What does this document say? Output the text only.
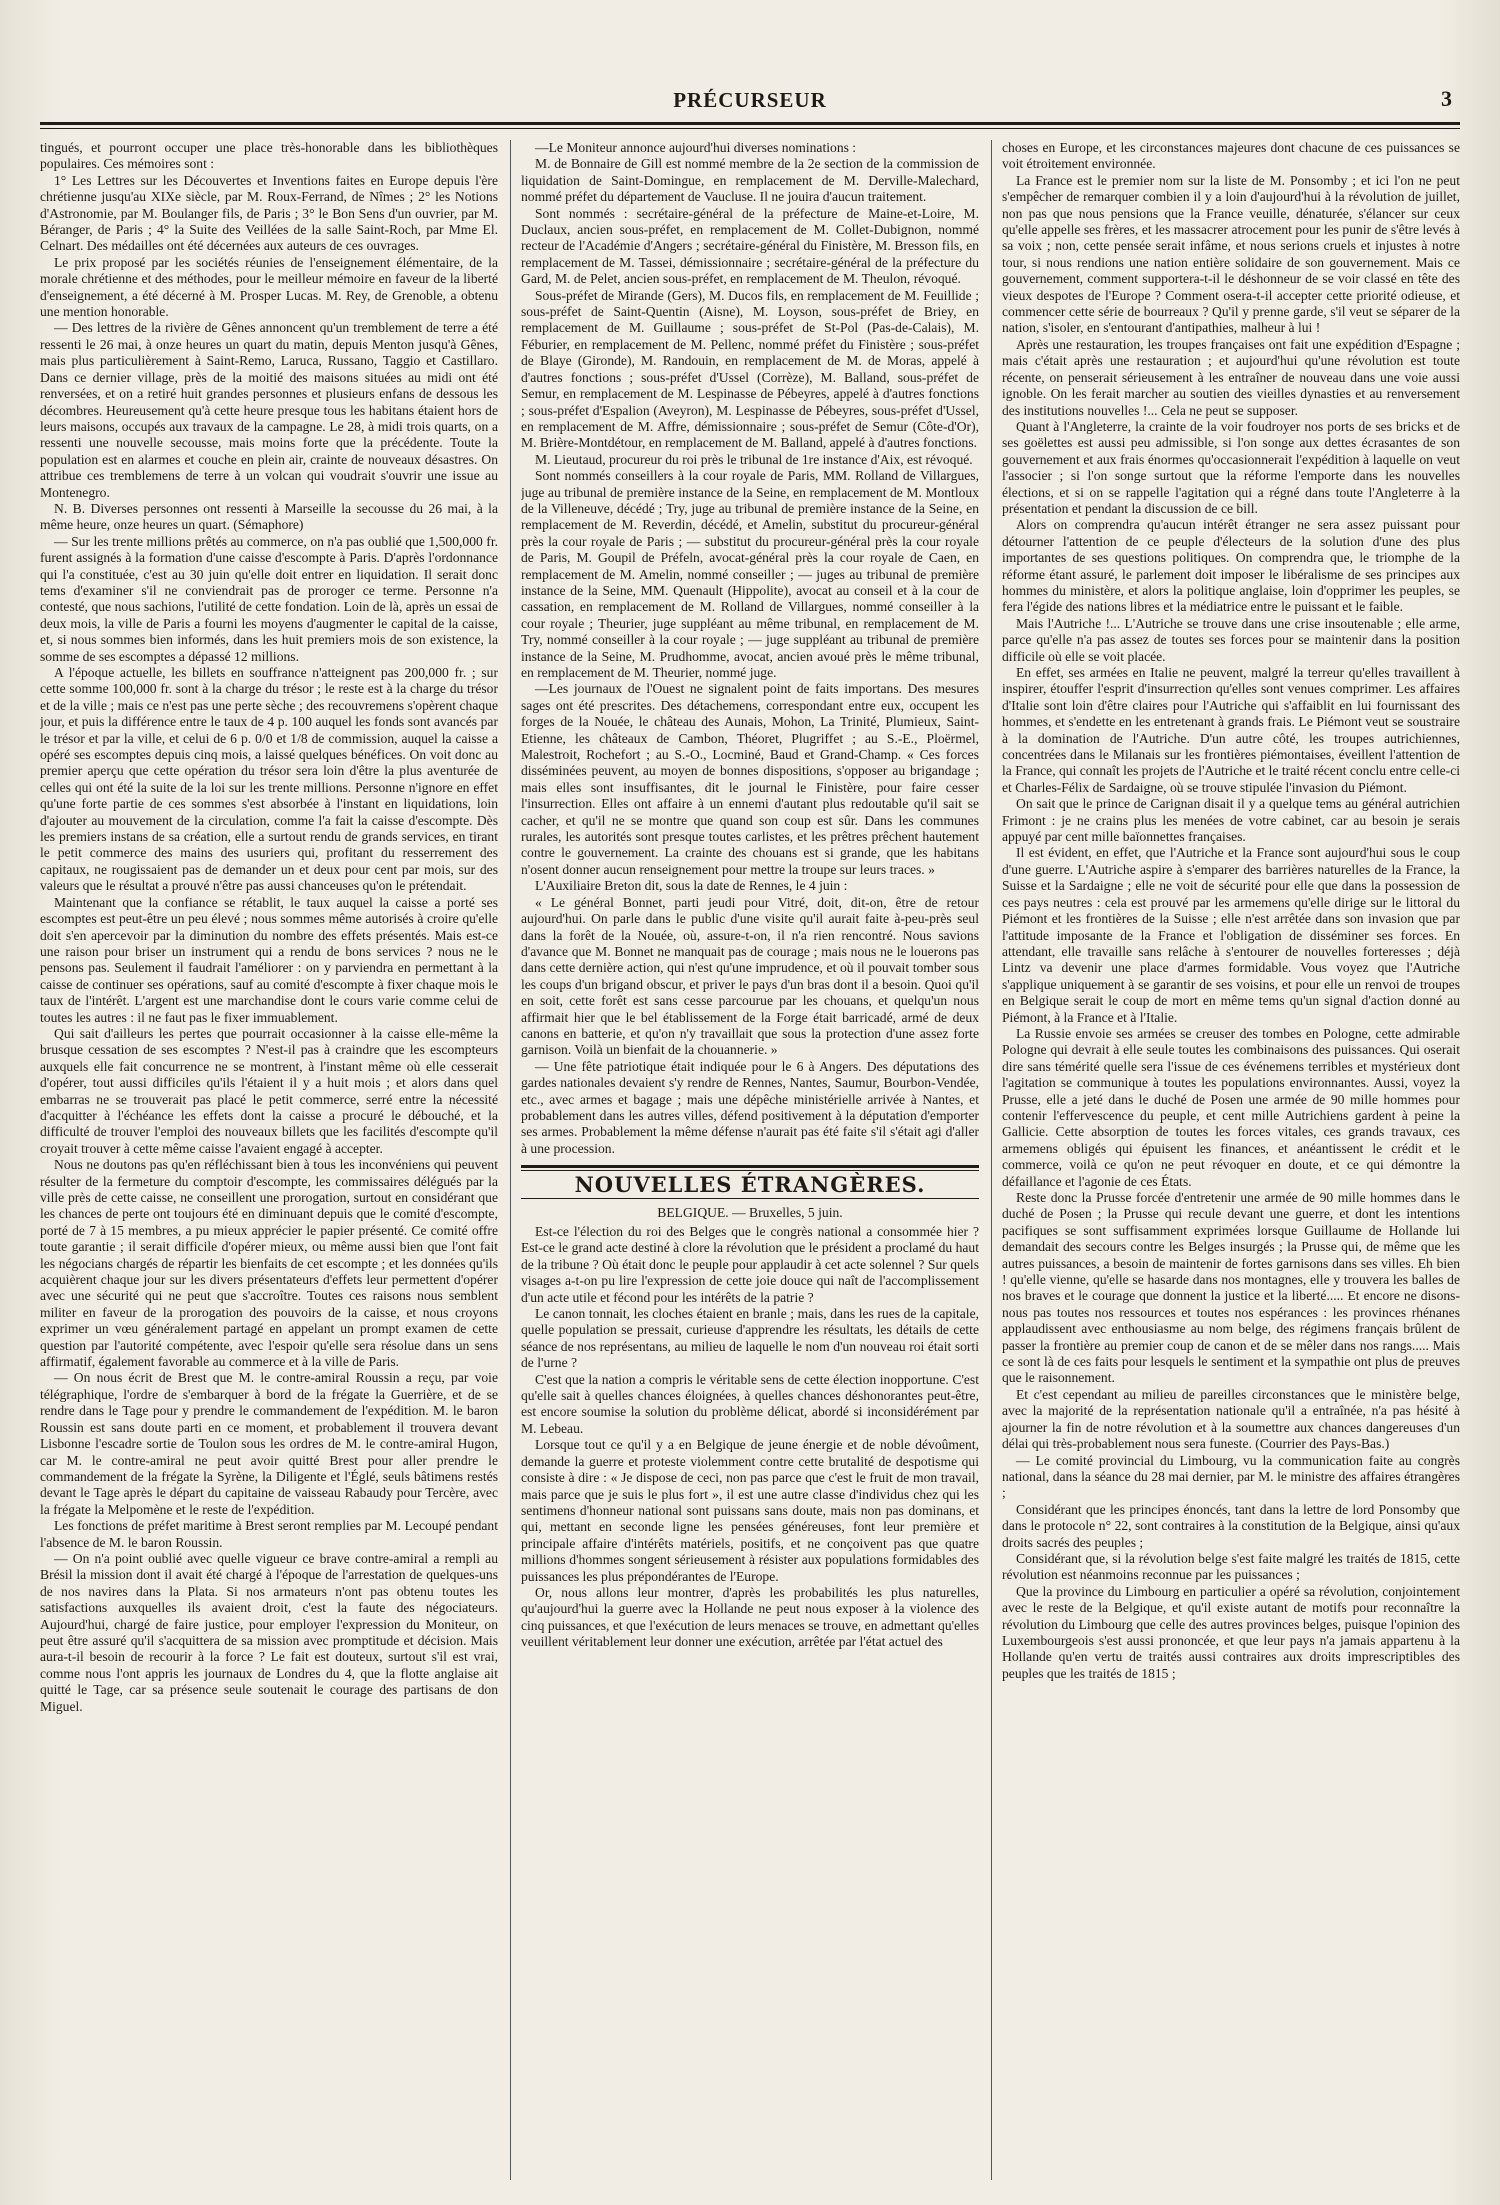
PRÉCURSEUR	3

tingués, et pourront occuper une place très-honorable dans les bibliothèques populaires. Ces mémoires sont :

1° Les Lettres sur les Découvertes et Inventions faites en Europe depuis l'ère chrétienne jusqu'au XIXe siècle, par M. Roux-Ferrand, de Nîmes ; 2° les Notions d'Astronomie, par M. Boulanger fils, de Paris ; 3° le Bon Sens d'un ouvrier, par M. Béranger, de Paris ; 4° la Suite des Veillées de la salle Saint-Roch, par Mme El. Celnart. Des médailles ont été décernées aux auteurs de ces ouvrages.

Le prix proposé par les sociétés réunies de l'enseignement élémentaire, de la morale chrétienne et des méthodes, pour le meilleur mémoire en faveur de la liberté d'enseignement, a été décerné à M. Prosper Lucas. M. Rey, de Grenoble, a obtenu une mention honorable.

— Des lettres de la rivière de Gênes annoncent qu'un tremblement de terre a été ressenti le 26 mai, à onze heures un quart du matin, depuis Menton jusqu'à Gênes, mais plus particulièrement à Saint-Remo, Laruca, Russano, Taggio et Castillaro. Dans ce dernier village, près de la moitié des maisons situées au midi ont été renversées, et on a retiré huit grandes personnes et plusieurs enfans de dessous les décombres. Heureusement qu'à cette heure presque tous les habitans étaient hors de leurs maisons, occupés aux travaux de la campagne. Le 28, à midi trois quarts, on a ressenti une nouvelle secousse, mais moins forte que la précédente. Toute la population est en alarmes et couche en plein air, crainte de nouveaux désastres. On attribue ces tremblemens de terre à un volcan qui voudrait s'ouvrir une issue au Montenegro.

N. B. Diverses personnes ont ressenti à Marseille la secousse du 26 mai, à la même heure, onze heures un quart. (Sémaphore)

— Sur les trente millions prêtés au commerce, on n'a pas oublié que 1,500,000 fr. furent assignés à la formation d'une caisse d'escompte à Paris. D'après l'ordonnance qui l'a constituée, c'est au 30 juin qu'elle doit entrer en liquidation. Il serait donc tems d'examiner s'il ne conviendrait pas de proroger ce terme. Personne n'a contesté, que nous sachions, l'utilité de cette fondation. Loin de là, après un essai de deux mois, la ville de Paris a fourni les moyens d'augmenter le capital de la caisse, et, si nous sommes bien informés, dans les huit premiers mois de son existence, la somme de ses escomptes a dépassé 12 millions.

A l'époque actuelle, les billets en souffrance n'atteignent pas 200,000 fr. ; sur cette somme 100,000 fr. sont à la charge du trésor ; le reste est à la charge du trésor et de la ville ; mais ce n'est pas une perte sèche ; des recouvremens s'opèrent chaque jour, et puis la différence entre le taux de 4 p. 100 auquel les fonds sont avancés par le trésor et par la ville, et celui de 6 p. 0/0 et 1/8 de commission, auquel la caisse a opéré ses escomptes depuis cinq mois, a laissé quelques bénéfices. On voit donc au premier aperçu que cette opération du trésor sera loin d'être la plus aventurée de celles qui ont été la suite de la loi sur les trente millions. Personne n'ignore en effet qu'une forte partie de ces sommes s'est absorbée à l'instant en liquidations, loin d'ajouter au mouvement de la circulation, comme l'a fait la caisse d'escompte. Dès les premiers instans de sa création, elle a surtout rendu de grands services, en tirant le petit commerce des mains des usuriers qui, profitant du resserrement des capitaux, ne rougissaient pas de demander un et deux pour cent par mois, sur des valeurs que le résultat a prouvé n'être pas aussi chanceuses qu'on le prétendait.

Maintenant que la confiance se rétablit, le taux auquel la caisse a porté ses escomptes est peut-être un peu élevé ; nous sommes même autorisés à croire qu'elle doit s'en apercevoir par la diminution du nombre des effets présentés. Mais est-ce une raison pour briser un instrument qui a rendu de bons services ? nous ne le pensons pas. Seulement il faudrait l'améliorer : on y parviendra en permettant à la caisse de continuer ses opérations, sauf au comité d'escompte à fixer chaque mois le taux de l'intérêt. L'argent est une marchandise dont le cours varie comme celui de toutes les autres : il ne faut pas le fixer immuablement.

Qui sait d'ailleurs les pertes que pourrait occasionner à la caisse elle-même la brusque cessation de ses escomptes ? N'est-il pas à craindre que les escompteurs auxquels elle fait concurrence ne se montrent, à l'instant même où elle cesserait d'opérer, tout aussi difficiles qu'ils l'étaient il y a huit mois ; et alors dans quel embarras ne se trouverait pas placé le petit commerce, serré entre la nécessité d'acquitter à l'échéance les effets dont la caisse a procuré le débouché, et la difficulté de trouver l'emploi des nouveaux billets que les facilités d'escompte qu'il croyait trouver à cette même caisse l'avaient engagé à accepter.

Nous ne doutons pas qu'en réfléchissant bien à tous les inconvéniens qui peuvent résulter de la fermeture du comptoir d'escompte, les commissaires délégués par la ville près de cette caisse, ne conseillent une prorogation, surtout en considérant que les chances de perte ont toujours été en diminuant depuis que le comité d'escompte, porté de 7 à 15 membres, a pu mieux apprécier le papier présenté. Ce comité offre toute garantie ; il serait difficile d'opérer mieux, ou même aussi bien que l'ont fait les négocians chargés de répartir les bienfaits de cet escompte ; et les données qu'ils acquièrent chaque jour sur les divers présentateurs d'effets leur permettent d'opérer avec une sécurité qui ne peut que s'accroître. Toutes ces raisons nous semblent militer en faveur de la prorogation des pouvoirs de la caisse, et nous croyons exprimer un vœu généralement partagé en appelant un prompt examen de cette question par l'autorité compétente, avec l'espoir qu'elle sera résolue dans un sens affirmatif, également favorable au commerce et à la ville de Paris.

— On nous écrit de Brest que M. le contre-amiral Roussin a reçu, par voie télégraphique, l'ordre de s'embarquer à bord de la frégate la Guerrière, et de se rendre dans le Tage pour y prendre le commandement de l'expédition. M. le baron Roussin est sans doute parti en ce moment, et probablement il trouvera devant Lisbonne l'escadre sortie de Toulon sous les ordres de M. le contre-amiral Hugon, car M. le contre-amiral ne peut avoir quitté Brest pour aller prendre le commandement de la frégate la Syrène, la Diligente et l'Églé, seuls bâtimens restés devant le Tage après le départ du capitaine de vaisseau Rabaudy pour Tercère, avec la frégate la Melpomène et le reste de l'expédition.

Les fonctions de préfet maritime à Brest seront remplies par M. Lecoupé pendant l'absence de M. le baron Roussin.

— On n'a point oublié avec quelle vigueur ce brave contre-amiral a rempli au Brésil la mission dont il avait été chargé à l'époque de l'arrestation de quelques-uns de nos navires dans la Plata. Si nos armateurs n'ont pas obtenu toutes les satisfactions auxquelles ils avaient droit, c'est la faute des négociateurs. Aujourd'hui, chargé de faire justice, pour employer l'expression du Moniteur, on peut être assuré qu'il s'acquittera de sa mission avec promptitude et décision. Mais aura-t-il besoin de recourir à la force ? Le fait est douteux, surtout s'il est vrai, comme nous l'ont appris les journaux de Londres du 4, que la flotte anglaise ait quitté le Tage, car sa présence seule soutenait le courage des partisans de don Miguel.

—Le Moniteur annonce aujourd'hui diverses nominations :

M. de Bonnaire de Gill est nommé membre de la 2e section de la commission de liquidation de Saint-Domingue, en remplacement de M. Derville-Malechard, nommé préfet du département de Vaucluse. Il ne jouira d'aucun traitement.

Sont nommés : secrétaire-général de la préfecture de Maine-et-Loire, M. Duclaux, ancien sous-préfet, en remplacement de M. Collet-Dubignon, nommé recteur de l'Académie d'Angers ; secrétaire-général du Finistère, M. Bresson fils, en remplacement de M. Tassei, démissionnaire ; secrétaire-général de la préfecture du Gard, M. de Pelet, ancien sous-préfet, en remplacement de M. Theulon, révoqué.

Sous-préfet de Mirande (Gers), M. Ducos fils, en remplacement de M. Feuillide ; sous-préfet de Saint-Quentin (Aisne), M. Loyson, sous-préfet de Briey, en remplacement de M. Guillaume ; sous-préfet de St-Pol (Pas-de-Calais), M. Féburier, en remplacement de M. Pellenc, nommé préfet du Finistère ; sous-préfet de Blaye (Gironde), M. Randouin, en remplacement de M. de Moras, appelé à d'autres fonctions ; sous-préfet d'Ussel (Corrèze), M. Balland, sous-préfet de Semur, en remplacement de M. Lespinasse de Pébeyres, appelé à d'autres fonctions ; sous-préfet d'Espalion (Aveyron), M. Lespinasse de Pébeyres, sous-préfet d'Ussel, en remplacement de M. Affre, démissionnaire ; sous-préfet de Semur (Côte-d'Or), M. Brière-Montdétour, en remplacement de M. Balland, appelé à d'autres fonctions.

M. Lieutaud, procureur du roi près le tribunal de 1re instance d'Aix, est révoqué.

Sont nommés conseillers à la cour royale de Paris, MM. Rolland de Villargues, juge au tribunal de première instance de la Seine, en remplacement de M. Montloux de la Villeneuve, décédé ; Try, juge au tribunal de première instance de la Seine, en remplacement de M. Reverdin, décédé, et Amelin, substitut du procureur-général près la cour royale de Paris ; — substitut du procureur-général près la cour royale de Paris, M. Goupil de Préfeln, avocat-général près la cour royale de Caen, en remplacement de M. Amelin, nommé conseiller ; — juges au tribunal de première instance de la Seine, MM. Quenault (Hippolite), avocat au conseil et à la cour de cassation, en remplacement de M. Rolland de Villargues, nommé conseiller à la cour royale ; Theurier, juge suppléant au même tribunal, en remplacement de M. Try, nommé conseiller à la cour royale ; — juge suppléant au tribunal de première instance de la Seine, M. Prudhomme, avocat, ancien avoué près le même tribunal, en remplacement de M. Theurier, nommé juge.

—Les journaux de l'Ouest ne signalent point de faits importans. Des mesures sages ont été prescrites. Des détachemens, correspondant entre eux, occupent les forges de la Nouée, le château des Aunais, Mohon, La Trinité, Plumieux, Saint-Etienne, les châteaux de Cambon, Théoret, Plugriffet ; au S.-E., Ploërmel, Malestroit, Rochefort ; au S.-O., Locminé, Baud et Grand-Champ. « Ces forces disséminées peuvent, au moyen de bonnes dispositions, s'opposer au brigandage ; mais elles sont insuffisantes, dit le journal le Finistère, pour faire cesser l'insurrection. Elles ont affaire à un ennemi d'autant plus redoutable qu'il sait se cacher, et qu'il ne se montre que quand son coup est sûr. Dans les communes rurales, les autorités sont presque toutes carlistes, et les prêtres prêchent hautement contre le gouvernement. La crainte des chouans est si grande, que les habitans n'osent donner aucun renseignement pour mettre la troupe sur leurs traces. »

L'Auxiliaire Breton dit, sous la date de Rennes, le 4 juin :

« Le général Bonnet, parti jeudi pour Vitré, doit, dit-on, être de retour aujourd'hui. On parle dans le public d'une visite qu'il aurait faite à-peu-près seul dans la forêt de la Nouée, où, assure-t-on, il n'a rien rencontré. Nous savions d'avance que M. Bonnet ne manquait pas de courage ; mais nous ne le louerons pas dans cette dernière action, qui n'est qu'une imprudence, et où il pouvait tomber sous les coups d'un brigand obscur, et priver le pays d'un bras dont il a besoin. Quoi qu'il en soit, cette forêt est sans cesse parcourue par les chouans, et quelqu'un nous affirmait hier que le bel établissement de la Forge était barricadé, armé de deux canons en batterie, et qu'on n'y travaillait que sous la protection d'une assez forte garnison. Voilà un bienfait de la chouannerie. »

— Une fête patriotique était indiquée pour le 6 à Angers. Des députations des gardes nationales devaient s'y rendre de Rennes, Nantes, Saumur, Bourbon-Vendée, etc., avec armes et bagage ; mais une dépêche ministérielle arrivée à Nantes, et probablement dans les autres villes, défend positivement à la députation d'emporter ses armes. Probablement la même défense n'aurait pas été faite s'il s'était agi d'aller à une procession.

NOUVELLES ÉTRANGÈRES.

BELGIQUE. — Bruxelles, 5 juin.

Est-ce l'élection du roi des Belges que le congrès national a consommée hier ? Est-ce le grand acte destiné à clore la révolution que le président a proclamé du haut de la tribune ? Où était donc le peuple pour applaudir à cet acte solennel ? Sur quels visages a-t-on pu lire l'expression de cette joie douce qui naît de l'accomplissement d'un acte utile et fécond pour les intérêts de la patrie ?

Le canon tonnait, les cloches étaient en branle ; mais, dans les rues de la capitale, quelle population se pressait, curieuse d'apprendre les résultats, les détails de cette séance de nos représentans, au milieu de laquelle le nom d'un nouveau roi était sorti de l'urne ?

C'est que la nation a compris le véritable sens de cette élection inopportune. C'est qu'elle sait à quelles chances éloignées, à quelles chances déshonorantes peut-être, est encore soumise la solution du problème délicat, abordé si inconsidérément par M. Lebeau.

Lorsque tout ce qu'il y a en Belgique de jeune énergie et de noble dévoûment, demande la guerre et proteste violemment contre cette brutalité de despotisme qui consiste à dire : « Je dispose de ceci, non pas parce que c'est le fruit de mon travail, mais parce que je suis le plus fort », il est une autre classe d'individus chez qui les sentimens d'honneur national sont puissans sans doute, mais non pas dominans, et qui, mettant en seconde ligne les pensées généreuses, font leur première et principale affaire d'intérêts matériels, positifs, et ne conçoivent pas que quatre millions d'hommes songent sérieusement à résister aux populations formidables des puissances les plus prépondérantes de l'Europe.

Or, nous allons leur montrer, d'après les probabilités les plus naturelles, qu'aujourd'hui la guerre avec la Hollande ne peut nous exposer à la violence des cinq puissances, et que l'exécution de leurs menaces se trouve, en admettant qu'elles veuillent véritablement leur donner une exécution, arrêtée par l'état actuel des

choses en Europe, et les circonstances majeures dont chacune de ces puissances se voit étroitement environnée.

La France est le premier nom sur la liste de M. Ponsomby ; et ici l'on ne peut s'empêcher de remarquer combien il y a loin d'aujourd'hui à la révolution de juillet, non pas que nous pensions que la France veuille, dénaturée, s'élancer sur ceux qu'elle appelle ses frères, et les massacrer atrocement pour les punir de s'être levés à sa voix ; non, cette pensée serait infâme, et nous serions cruels et injustes à notre tour, si nous rendions une nation entière solidaire de son gouvernement. Mais ce gouvernement, comment supportera-t-il le déshonneur de se voir classé en tête des vieux despotes de l'Europe ? Comment osera-t-il accepter cette priorité odieuse, et commencer cette série de bourreaux ? Qu'il y prenne garde, s'il veut se séparer de la nation, s'isoler, en s'entourant d'antipathies, malheur à lui !

Après une restauration, les troupes françaises ont fait une expédition d'Espagne ; mais c'était après une restauration ; et aujourd'hui qu'une révolution est toute récente, on penserait sérieusement à les entraîner de nouveau dans une voie aussi ignoble. On les ferait marcher au soutien des vieilles dynasties et au renversement des institutions nouvelles !... Cela ne peut se supposer.

Quant à l'Angleterre, la crainte de la voir foudroyer nos ports de ses bricks et de ses goëlettes est aussi peu admissible, si l'on songe aux dettes écrasantes de son gouvernement et aux frais énormes qu'occasionnerait l'expédition à laquelle on veut l'associer ; si l'on songe surtout que la réforme l'emporte dans les nouvelles élections, et si on se rappelle l'agitation qui a régné dans toute l'Angleterre à la présentation et pendant la discussion de ce bill.

Alors on comprendra qu'aucun intérêt étranger ne sera assez puissant pour détourner l'attention de ce peuple d'électeurs de la solution d'une des plus importantes de ses questions politiques. On comprendra que, le triomphe de la réforme étant assuré, le parlement doit imposer le libéralisme de ses principes aux hommes du ministère, et alors la politique anglaise, loin d'opprimer les peuples, se fera l'égide des nations libres et la médiatrice entre le puissant et le faible.

Mais l'Autriche !... L'Autriche se trouve dans une crise insoutenable ; elle arme, parce qu'elle n'a pas assez de toutes ses forces pour se maintenir dans la position difficile où elle se voit placée.

En effet, ses armées en Italie ne peuvent, malgré la terreur qu'elles travaillent à inspirer, étouffer l'esprit d'insurrection qu'elles sont venues comprimer. Les affaires d'Italie sont loin d'être claires pour l'Autriche qui s'affaiblit en lui fournissant des hommes, et s'endette en les entretenant à grands frais. Le Piémont veut se soustraire à la domination de l'Autriche. D'un autre côté, les troupes autrichiennes, concentrées dans le Milanais sur les frontières piémontaises, éveillent l'attention de la France, qui connaît les projets de l'Autriche et le traité récent conclu entre celle-ci et Charles-Félix de Sardaigne, où se trouve stipulée l'invasion du Piémont.

On sait que le prince de Carignan disait il y a quelque tems au général autrichien Frimont : je ne crains plus les menées de votre cabinet, car au besoin je serais appuyé par cent mille baïonnettes françaises.

Il est évident, en effet, que l'Autriche et la France sont aujourd'hui sous le coup d'une guerre. L'Autriche aspire à s'emparer des barrières naturelles de la France, la Suisse et la Sardaigne ; elle ne voit de sécurité pour elle que dans la possession de ces pays neutres : cela est prouvé par les armemens qu'elle dirige sur le littoral du Piémont et les frontières de la Suisse ; elle n'est arrêtée dans son invasion que par l'attitude imposante de la France et l'obligation de disséminer ses forces. En attendant, elle travaille sans relâche à s'entourer de nouvelles forteresses ; déjà Lintz va devenir une place d'armes formidable. Vous voyez que l'Autriche s'applique uniquement à se garantir de ses voisins, et pour elle un renvoi de troupes en Belgique serait le coup de mort en même tems qu'un signal d'action donné au Piémont, à la France et à l'Italie.

La Russie envoie ses armées se creuser des tombes en Pologne, cette admirable Pologne qui devrait à elle seule toutes les combinaisons des puissances. Qui oserait dire sans témérité quelle sera l'issue de ces événemens terribles et mystérieux dont l'agitation se communique à toutes les populations environnantes. Aussi, voyez la Prusse, elle a jeté dans le duché de Posen une armée de 90 mille hommes pour contenir l'effervescence du peuple, et cent mille Autrichiens gardent à peine la Gallicie. Cette absorption de toutes les forces vitales, ces grands travaux, ces armemens obligés qui épuisent les finances, et anéantissent le crédit et le commerce, voilà ce qu'on ne peut révoquer en doute, et ce qui démontre la défaillance et l'agonie de ces États.

Reste donc la Prusse forcée d'entretenir une armée de 90 mille hommes dans le duché de Posen ; la Prusse qui recule devant une guerre, et dont les intentions pacifiques se sont suffisamment exprimées lorsque Guillaume de Hollande lui demandait des secours contre les Belges insurgés ; la Prusse qui, de même que les autres puissances, a besoin de maintenir de fortes garnisons dans ses villes. Eh bien ! qu'elle vienne, qu'elle se hasarde dans nos montagnes, elle y trouvera les balles de nos braves et le courage que donnent la justice et la liberté..... Et encore ne disons-nous pas toutes nos ressources et toutes nos espérances : les provinces rhénanes applaudissent avec enthousiasme au nom belge, des régimens français brûlent de passer la frontière au premier coup de canon et de se mêler dans nos rangs..... Mais ce sont là de ces faits pour lesquels le sentiment et la sympathie ont plus de preuves que le raisonnement.

Et c'est cependant au milieu de pareilles circonstances que le ministère belge, avec la majorité de la représentation nationale qu'il a entraînée, n'a pas hésité à ajourner la fin de notre révolution et à la soumettre aux chances dangereuses d'un délai qui très-probablement nous sera funeste. (Courrier des Pays-Bas.)

— Le comité provincial du Limbourg, vu la communication faite au congrès national, dans la séance du 28 mai dernier, par M. le ministre des affaires étrangères ;

Considérant que les principes énoncés, tant dans la lettre de lord Ponsomby que dans le protocole n° 22, sont contraires à la constitution de la Belgique, ainsi qu'aux droits sacrés des peuples ;

Considérant que, si la révolution belge s'est faite malgré les traités de 1815, cette révolution est néanmoins reconnue par les puissances ;

Que la province du Limbourg en particulier a opéré sa révolution, conjointement avec le reste de la Belgique, et qu'il existe autant de motifs pour reconnaître la révolution du Limbourg que celle des autres provinces belges, puisque l'opinion des Luxembourgeois s'est aussi prononcée, et que leur pays n'a jamais appartenu à la Hollande qu'en vertu de traités aussi contraires aux droits imprescriptibles des peuples que les traités de 1815 ;
